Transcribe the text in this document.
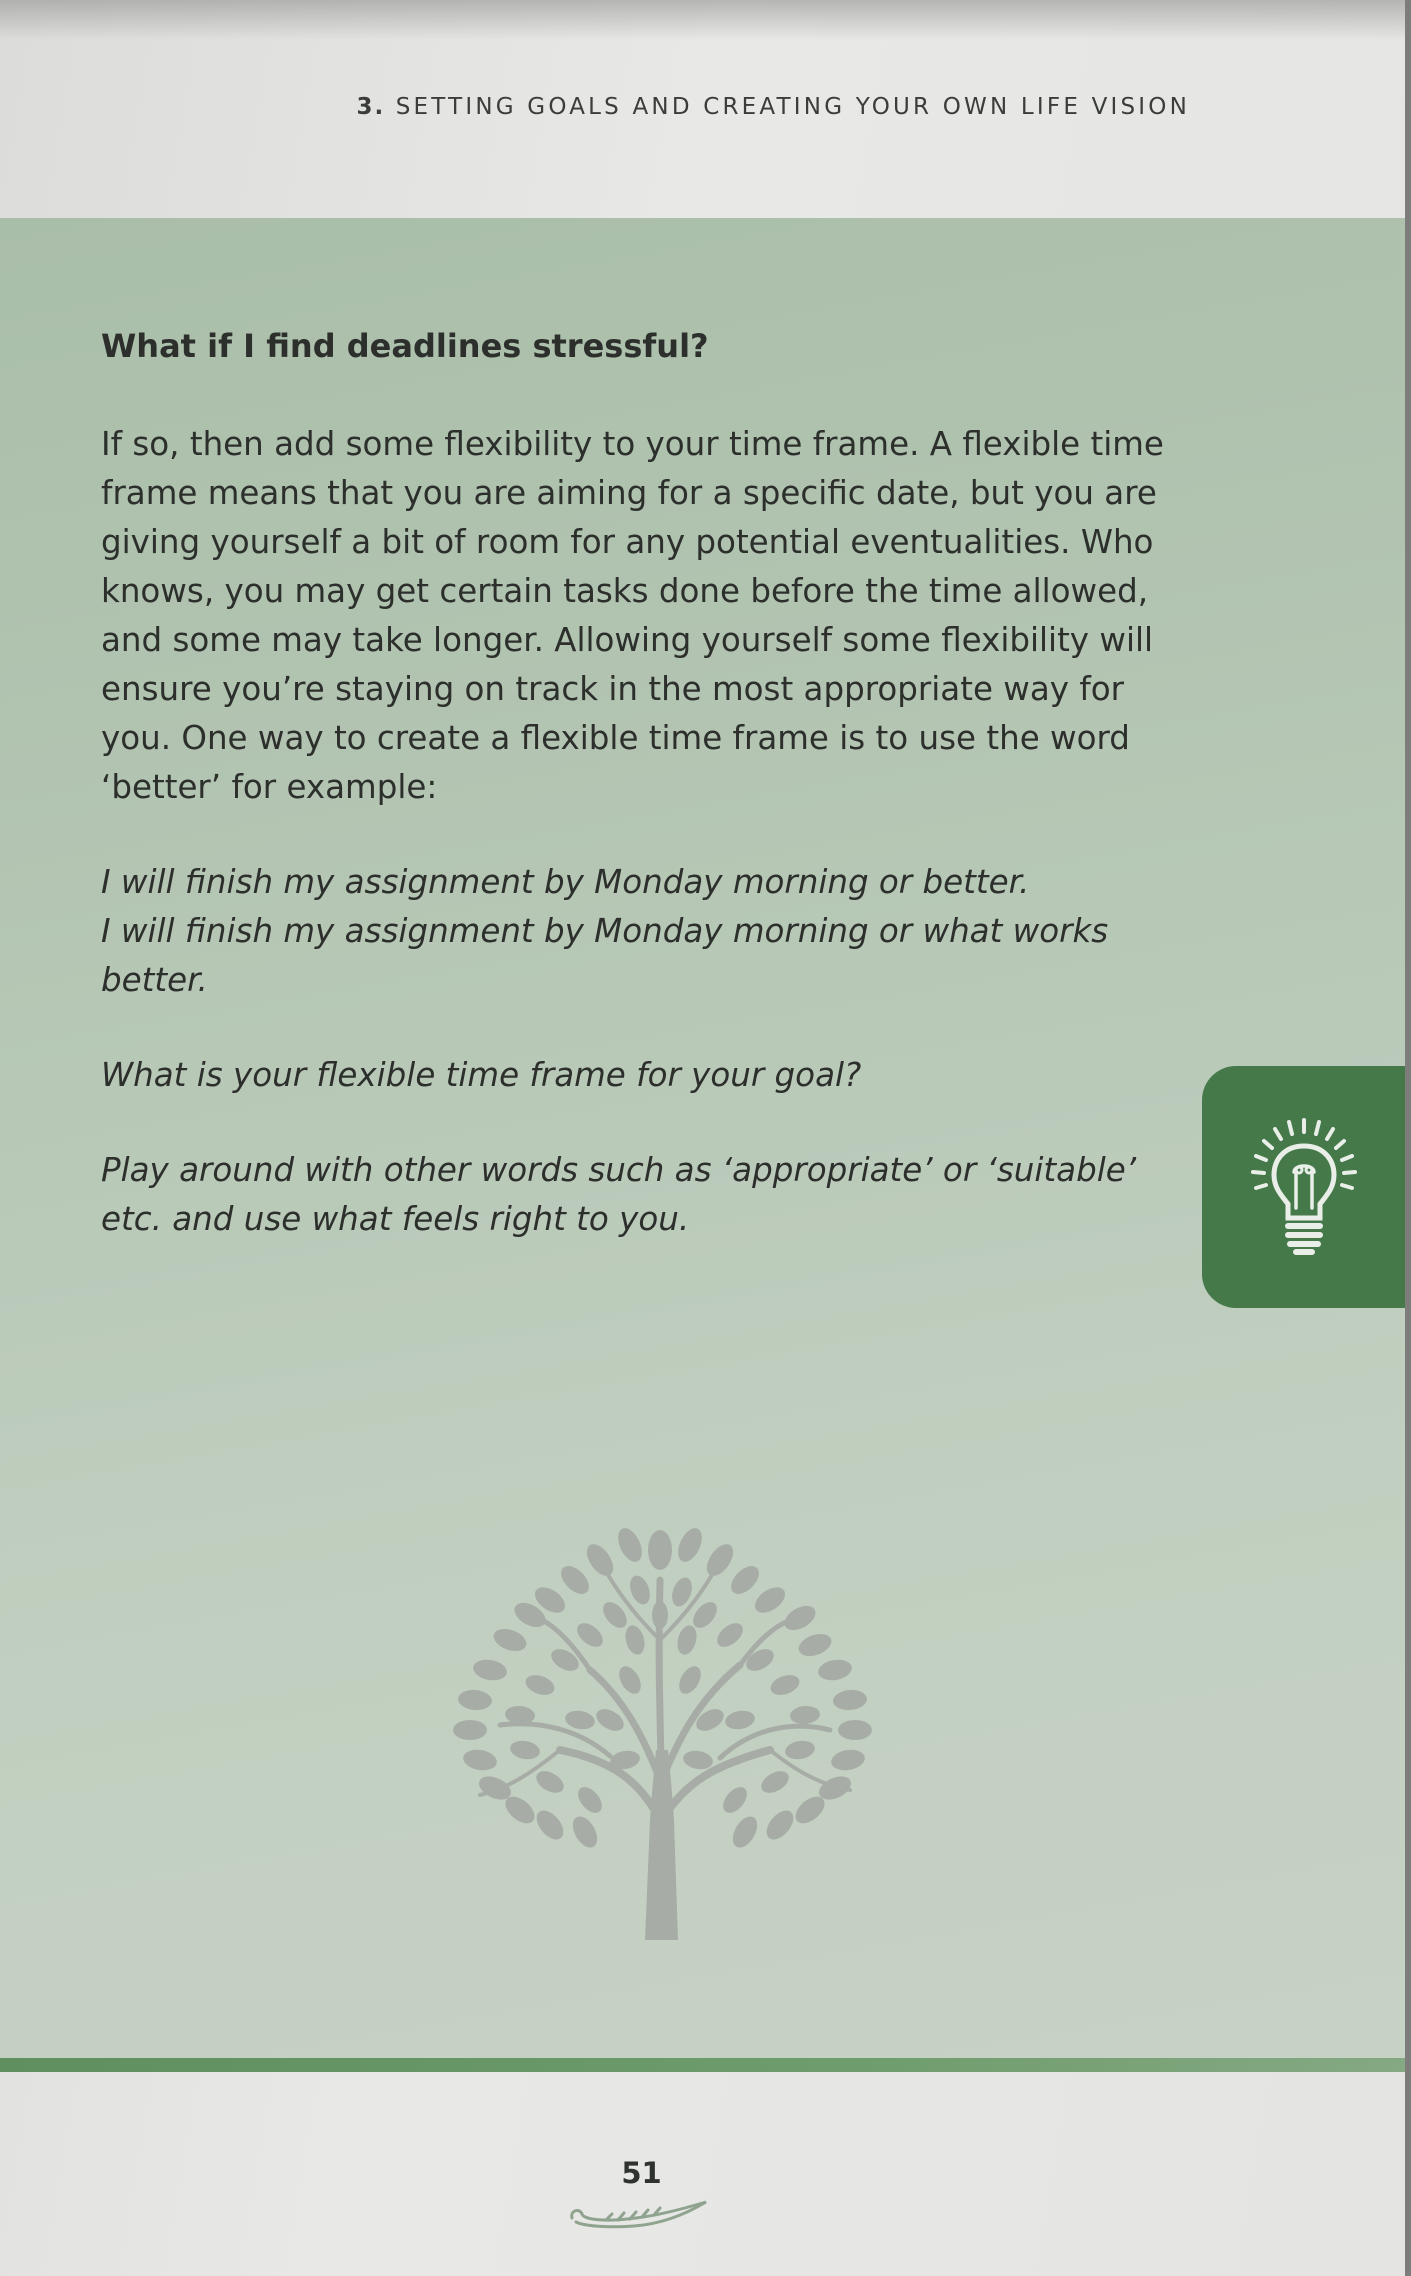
3. SETTING GOALS AND CREATING YOUR OWN LIFE VISION
What if I find deadlines stressful?
If so, then add some flexibility to your time frame. A flexible time frame means that you are aiming for a specific date, but you are giving yourself a bit of room for any potential eventualities. Who knows, you may get certain tasks done before the time allowed, and some may take longer. Allowing yourself some flexibility will ensure you’re staying on track in the most appropriate way for you. One way to create a flexible time frame is to use the word ‘better’ for example:
I will finish my assignment by Monday morning or better.
I will finish my assignment by Monday morning or what works better.
What is your flexible time frame for your goal?
Play around with other words such as ‘appropriate’ or ‘suitable’ etc. and use what feels right to you.
51
